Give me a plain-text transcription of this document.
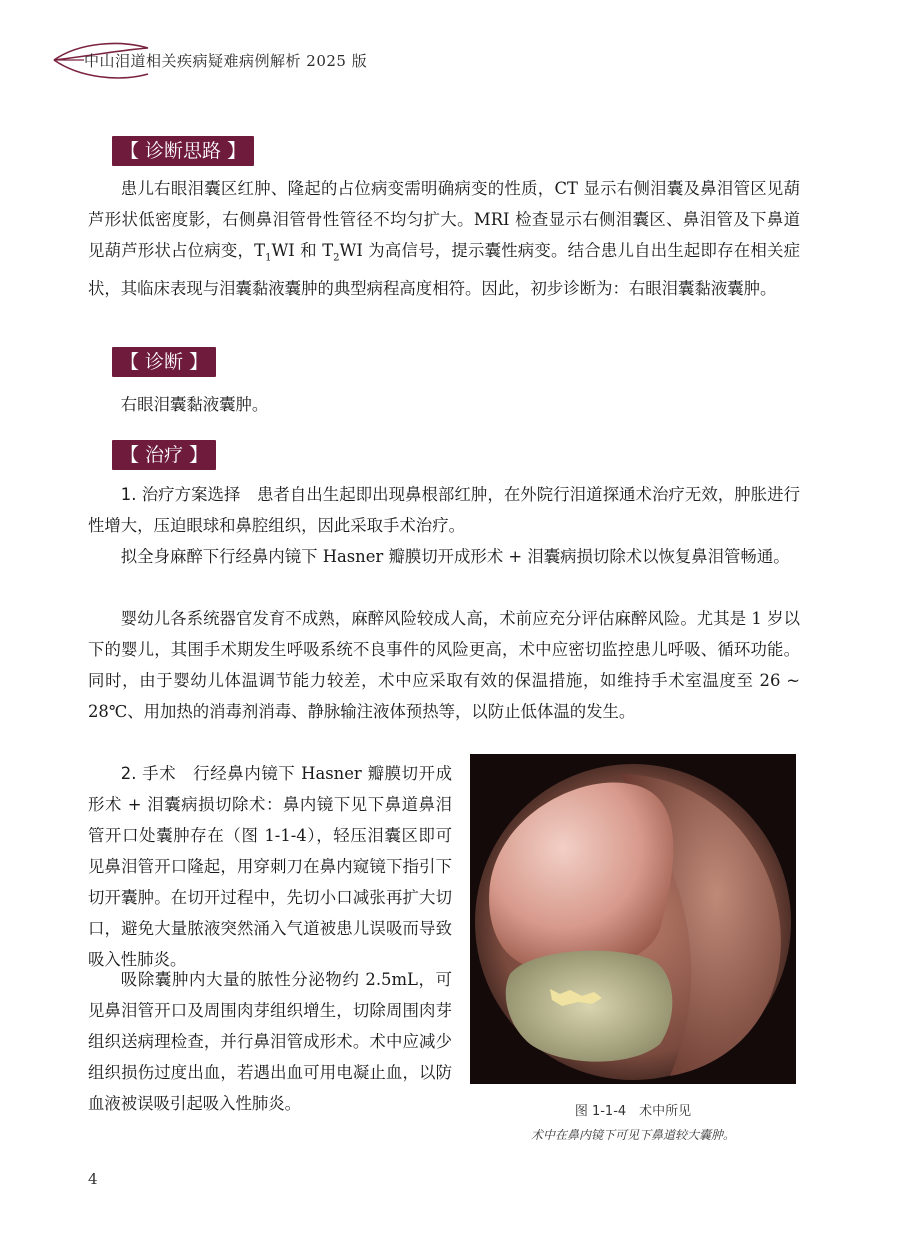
中山泪道相关疾病疑难病例解析 2025 版
【 诊断思路 】
患儿右眼泪囊区红肿、隆起的占位病变需明确病变的性质，CT 显示右侧泪囊及鼻泪管区见葫芦形状低密度影，右侧鼻泪管骨性管径不均匀扩大。MRI 检查显示右侧泪囊区、鼻泪管及下鼻道见葫芦形状占位病变，$T_1WI$ 和 $T_2WI$ 为高信号，提示囊性病变。结合患儿自出生起即存在相关症状，其临床表现与泪囊黏液囊肿的典型病程高度相符。因此，初步诊断为：右眼泪囊黏液囊肿。
【 诊断 】
右眼泪囊黏液囊肿。
【 治疗 】
1. 治疗方案选择　 患者自出生起即出现鼻根部红肿，在外院行泪道探通术治疗无效，肿胀进行性增大，压迫眼球和鼻腔组织，因此采取手术治疗。
拟全身麻醉下行经鼻内镜下 Hasner 瓣膜切开成形术 + 泪囊病损切除术以恢复鼻泪管畅通。
婴幼儿各系统器官发育不成熟，麻醉风险较成人高，术前应充分评估麻醉风险。尤其是 1 岁以下的婴儿，其围手术期发生呼吸系统不良事件的风险更高，术中应密切监控患儿呼吸、循环功能。同时，由于婴幼儿体温调节能力较差，术中应采取有效的保温措施，如维持手术室温度至 26 ~ 28℃、用加热的消毒剂消毒、静脉输注液体预热等，以防止低体温的发生。
2. 手术　 行经鼻内镜下 Hasner 瓣膜切开成形术 + 泪囊病损切除术：鼻内镜下见下鼻道鼻泪管开口处囊肿存在（图 1-1-4），轻压泪囊区即可见鼻泪管开口隆起，用穿刺刀在鼻内窥镜下指引下切开囊肿。在切开过程中，先切小口减张再扩大切口，避免大量脓液突然涌入气道被患儿误吸而导致吸入性肺炎。
吸除囊肿内大量的脓性分泌物约 2.5mL，可见鼻泪管开口及周围肉芽组织增生，切除周围肉芽组织送病理检查，并行鼻泪管成形术。术中应减少组织损伤过度出血，若遇出血可用电凝止血，以防血液被误吸引起吸入性肺炎。	图 1-1-4　术中所见
术中在鼻内镜下可见下鼻道较大囊肿。
4
